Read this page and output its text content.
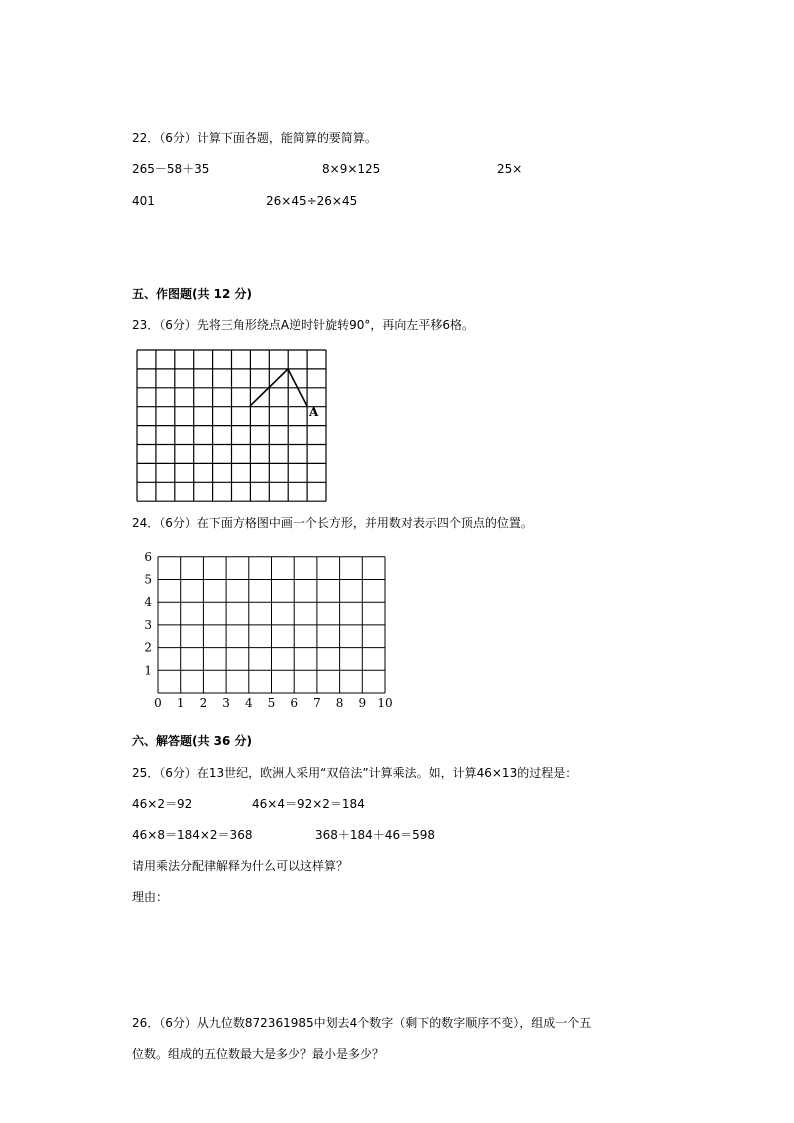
22．（6分）计算下面各题，能简算的要简算。
265－58＋35	8×9×125	25×
401	26×45÷26×45
五、作图题(共 12 分)
23．（6分）先将三角形绕点A逆时针旋转90°，再向左平移6格。
A
24．（6分）在下面方格图中画一个长方形，并用数对表示四个顶点的位置。
0 1 2 3 4 5 6 7 8 9 10
1
2
3
4
5
6
六、解答题(共 36 分)
25．（6分）在13世纪，欧洲人采用“双倍法”计算乘法。如，计算46×13的过程是：
46×2＝92	46×4＝92×2＝184
46×8＝184×2＝368	368＋184＋46＝598
请用乘法分配律解释为什么可以这样算？
理由：
26．（6分）从九位数872361985中划去4个数字（剩下的数字顺序不变），组成一个五
位数。组成的五位数最大是多少？最小是多少？
